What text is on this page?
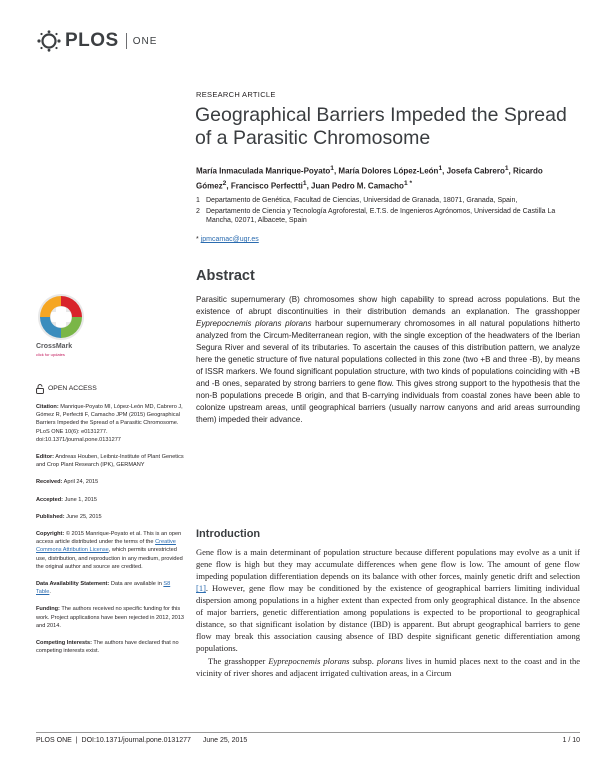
PLOS ONE
RESEARCH ARTICLE
Geographical Barriers Impeded the Spread of a Parasitic Chromosome
María Inmaculada Manrique-Poyato$^1$, María Dolores López-León$^1$, Josefa Cabrero$^1$, Ricardo Gómez$^2$, Francisco Perfectti$^1$, Juan Pedro M. Camacho$^{1 *}$
1 Departamento de Genética, Facultad de Ciencias, Universidad de Granada, 18071, Granada, Spain,
2 Departamento de Ciencia y Tecnología Agroforestal, E.T.S. de Ingenieros Agrónomos, Universidad de Castilla La Mancha, 02071, Albacete, Spain
* jpmcamac@ugr.es
CrossMark
click for updates
OPEN ACCESS
Citation: Manrique-Poyato MI, López-León MD, Cabrero J, Gómez R, Perfectti F, Camacho JPM (2015) Geographical Barriers Impeded the Spread of a Parasitic Chromosome. PLoS ONE 10(6): e0131277. doi:10.1371/journal.pone.0131277
Editor: Andreas Houben, Leibniz-Institute of Plant Genetics and Crop Plant Research (IPK), GERMANY
Received: April 24, 2015
Accepted: June 1, 2015
Published: June 25, 2015
Copyright: © 2015 Manrique-Poyato et al. This is an open access article distributed under the terms of the Creative Commons Attribution License, which permits unrestricted use, distribution, and reproduction in any medium, provided the original author and source are credited.
Data Availability Statement: Data are available in S8 Table.
Funding: The authors received no specific funding for this work. Project applications have been rejected in 2012, 2013 and 2014.
Competing Interests: The authors have declared that no competing interests exist.
Abstract
Parasitic supernumerary (B) chromosomes show high capability to spread across populations. But the existence of abrupt discontinuities in their distribution demands an explanation. The grasshopper Eyprepocnemis plorans plorans harbour supernumerary chromosomes in all natural populations hitherto analyzed from the Circum-Mediterranean region, with the single exception of the headwaters of the Iberian Segura River and several of its tributaries. To ascertain the causes of this distribution pattern, we analyze here the genetic structure of five natural populations collected in this zone (two +B and three -B), by means of ISSR markers. We found significant population structure, with two kinds of populations coinciding with +B and -B ones, separated by strong barriers to gene flow. This gives strong support to the hypothesis that the non-B populations precede B origin, and that B-carrying individuals from coastal zones have been able to colonize upstream areas, until geographical barriers (usually narrow canyons and arid areas surrounding them) impeded their advance.
Introduction

Gene flow is a main determinant of population structure because different populations may evolve as a unit if gene flow is high but they may accumulate differences when gene flow is low. The amount of gene flow impeding population differentiation depends on its balance with other forces, mainly genetic drift and selection [1]. However, gene flow may be conditioned by the existence of geographical barriers limiting individual dispersion among populations in a higher extent than expected from only geographical distance. In the absence of major barriers, genetic differentiation among populations is expected to be proportional to geographical distance, so that significant isolation by distance (IBD) is apparent. But abrupt geographical barriers to gene flow may break this association causing absence of IBD despite significant genetic differentiation among populations.

The grasshopper Eyprepocnemis plorans subsp. plorans lives in humid places next to the coast and in the vicinity of river shores and adjacent irrigated cultivation areas, in a Circum

PLOS ONE | DOI:10.1371/journal.pone.0131277 June 25, 2015	1 / 10
